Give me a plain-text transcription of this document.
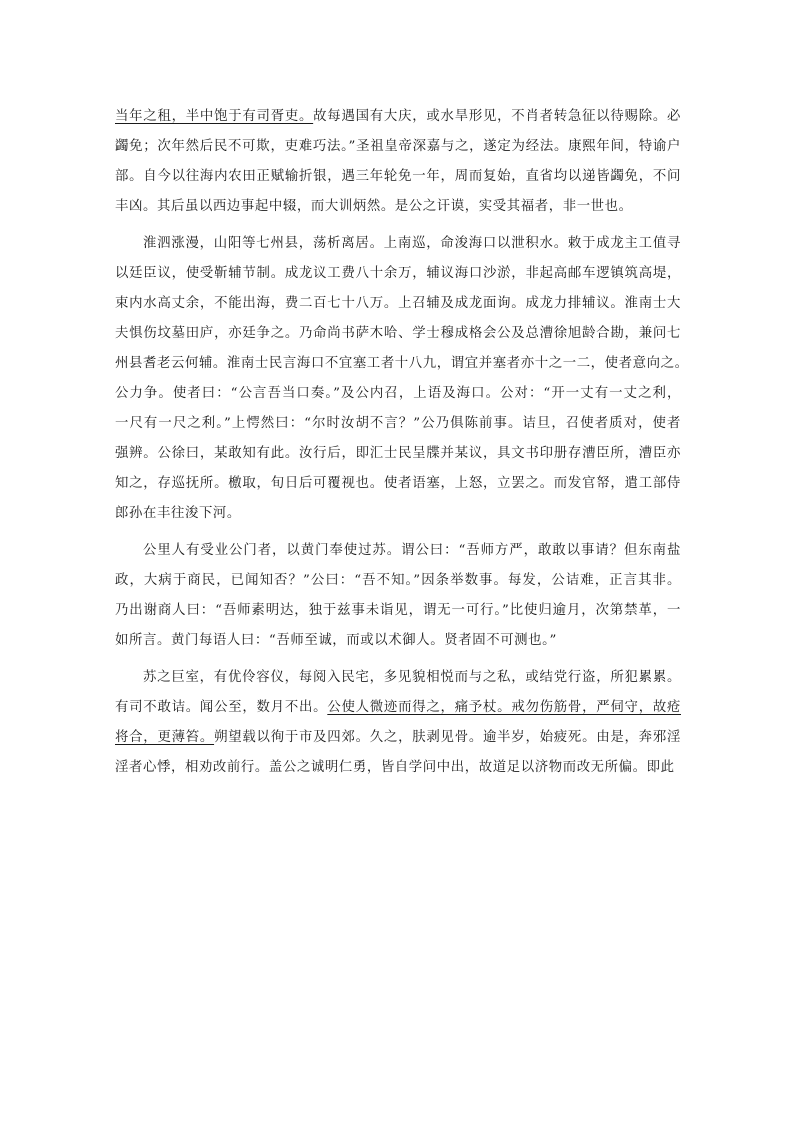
当年之租，半中饱于有司胥吏。故每遇国有大庆，或水旱形见，不肖者转急征以待赐除。必
蠲免；次年然后民不可欺，吏难巧法。”圣祖皇帝深嘉与之，遂定为经法。康熙年间，特谕户
部。自今以往海内农田正赋输折银，遇三年轮免一年，周而复始，直省均以递皆蠲免，不问
丰凶。其后虽以西边事起中辍，而大训炳然。是公之讦谟，实受其福者，非一世也。
淮泗涨漫，山阳等七州县，荡析离居。上南巡，命浚海口以泄积水。敕于成龙主工值寻
以廷臣议，使受靳辅节制。成龙议工费八十余万，辅议海口沙淤，非起高邮车逻镇筑高堤，
束内水高丈余，不能出海，费二百七十八万。上召辅及成龙面询。成龙力排辅议。淮南士大
夫惧伤坟墓田庐，亦廷争之。乃命尚书萨木哈、学士穆成格会公及总漕徐旭龄合勘，兼问七
州县耆老云何辅。淮南士民言海口不宜塞工者十八九，谓宜并塞者亦十之一二，使者意向之。
公力争。使者曰：“公言吾当口奏。”及公内召，上语及海口。公对：“开一丈有一丈之利，
一尺有一尺之利。”上愕然曰：“尔时汝胡不言？”公乃俱陈前事。诘旦，召使者质对，使者
强辨。公徐曰，某敢知有此。汝行后，即汇士民呈牒并某议，具文书印册存漕臣所，漕臣亦
知之，存巡抚所。檄取，旬日后可覆视也。使者语塞，上怒，立罢之。而发官帑，遣工部侍
郎孙在丰往浚下河。
公里人有受业公门者，以黄门奉使过苏。谓公曰：“吾师方严，敢敢以事请？但东南盐
政，大病于商民，已闻知否？”公曰：“吾不知。”因条举数事。每发，公诘难，正言其非。
乃出谢商人曰：“吾师素明达，独于兹事未诣见，谓无一可行。”比使归逾月，次第禁革，一
如所言。黄门每语人曰：“吾师至诚，而或以术御人。贤者固不可测也。”
苏之巨室，有优伶容仪，每阅入民宅，多见貌相悦而与之私，或结党行盗，所犯累累。
有司不敢诘。闻公至，数月不出。公使人微迹而得之，痛予杖。戒勿伤筋骨，严伺守，故疮
将合，更薄笞。朔望载以徇于市及四郊。久之，肤剥见骨。逾半岁，始疲死。由是，奔邪淫
淫者心悸，相劝改前行。盖公之诚明仁勇，皆自学问中出，故道足以济物而改无所偏。即此
